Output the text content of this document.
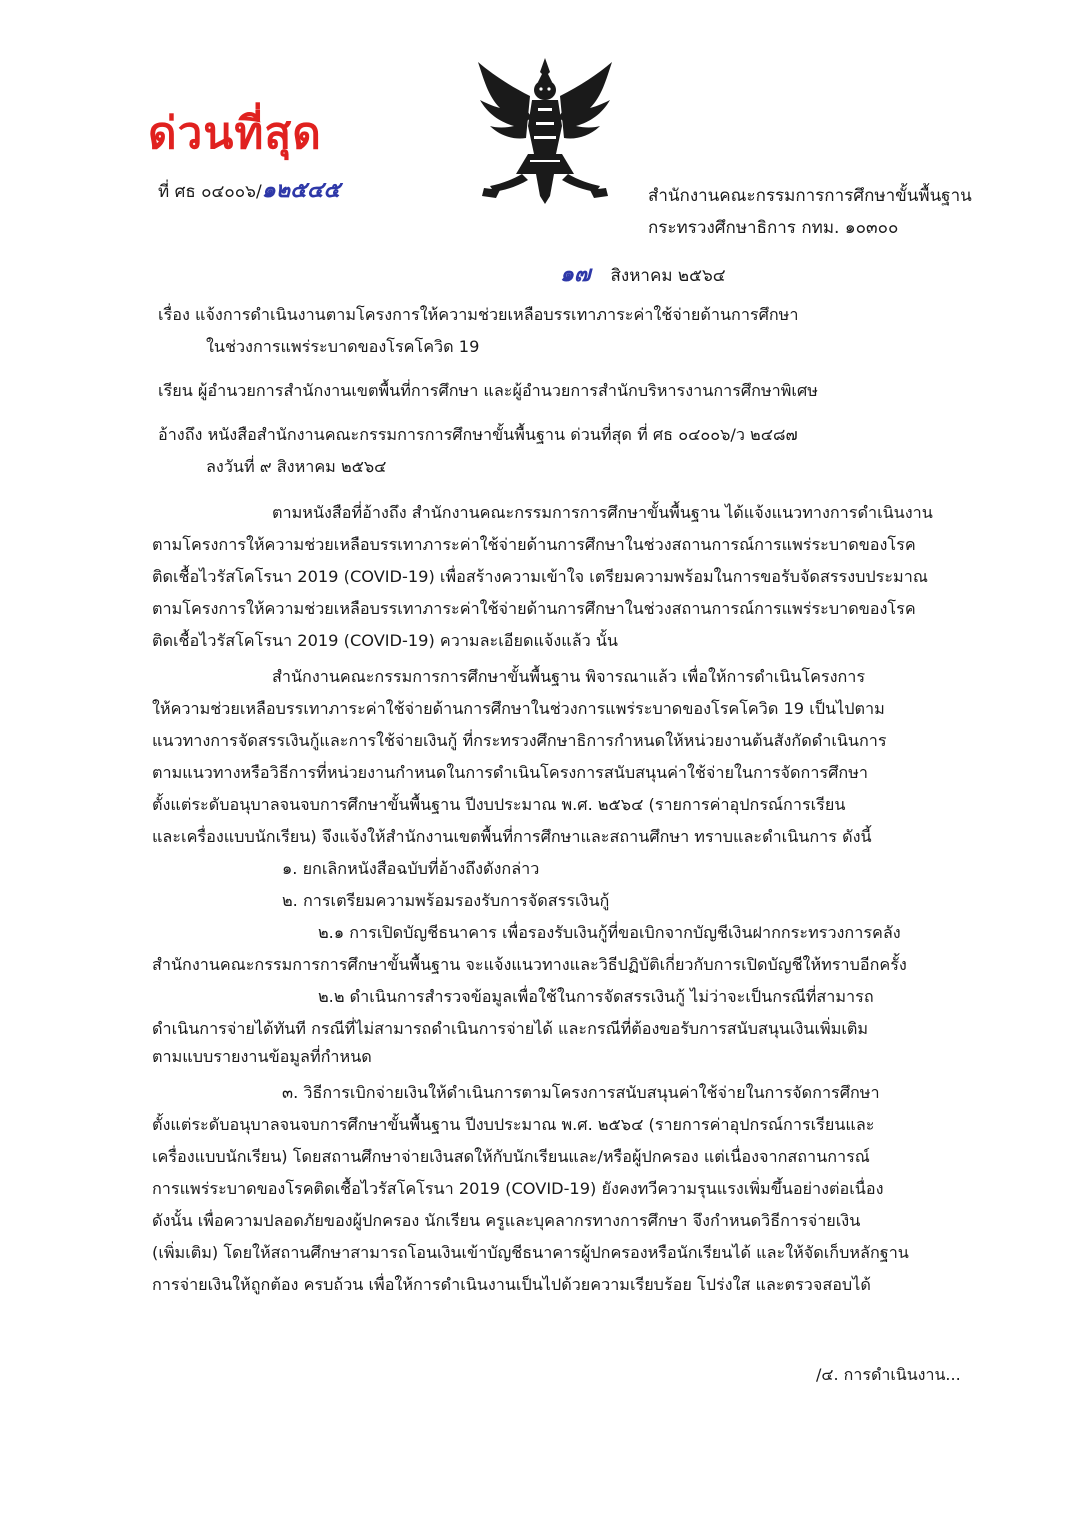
ด่วนที่สุด
ที่ ศธ ๐๔๐๐๖/๑๒๕๔๕	สำนักงานคณะกรรมการการศึกษาขั้นพื้นฐาน
กระทรวงศึกษาธิการ กทม. ๑๐๓๐๐
๑๗ สิงหาคม ๒๕๖๔
เรื่อง แจ้งการดำเนินงานตามโครงการให้ความช่วยเหลือบรรเทาภาระค่าใช้จ่ายด้านการศึกษา
ในช่วงการแพร่ระบาดของโรคโควิด 19
เรียน ผู้อำนวยการสำนักงานเขตพื้นที่การศึกษา และผู้อำนวยการสำนักบริหารงานการศึกษาพิเศษ
อ้างถึง หนังสือสำนักงานคณะกรรมการการศึกษาขั้นพื้นฐาน ด่วนที่สุด ที่ ศธ ๐๔๐๐๖/ว ๒๔๘๗
ลงวันที่ ๙ สิงหาคม ๒๕๖๔
ตามหนังสือที่อ้างถึง สำนักงานคณะกรรมการการศึกษาขั้นพื้นฐาน ได้แจ้งแนวทางการดำเนินงาน
ตามโครงการให้ความช่วยเหลือบรรเทาภาระค่าใช้จ่ายด้านการศึกษาในช่วงสถานการณ์การแพร่ระบาดของโรค
ติดเชื้อไวรัสโคโรนา 2019 (COVID-19) เพื่อสร้างความเข้าใจ เตรียมความพร้อมในการขอรับจัดสรรงบประมาณ
ตามโครงการให้ความช่วยเหลือบรรเทาภาระค่าใช้จ่ายด้านการศึกษาในช่วงสถานการณ์การแพร่ระบาดของโรค
ติดเชื้อไวรัสโคโรนา 2019 (COVID-19) ความละเอียดแจ้งแล้ว นั้น
สำนักงานคณะกรรมการการศึกษาขั้นพื้นฐาน พิจารณาแล้ว เพื่อให้การดำเนินโครงการ
ให้ความช่วยเหลือบรรเทาภาระค่าใช้จ่ายด้านการศึกษาในช่วงการแพร่ระบาดของโรคโควิด 19 เป็นไปตาม
แนวทางการจัดสรรเงินกู้และการใช้จ่ายเงินกู้ ที่กระทรวงศึกษาธิการกำหนดให้หน่วยงานต้นสังกัดดำเนินการ
ตามแนวทางหรือวิธีการที่หน่วยงานกำหนดในการดำเนินโครงการสนับสนุนค่าใช้จ่ายในการจัดการศึกษา
ตั้งแต่ระดับอนุบาลจนจบการศึกษาขั้นพื้นฐาน ปีงบประมาณ พ.ศ. ๒๕๖๔ (รายการค่าอุปกรณ์การเรียน
และเครื่องแบบนักเรียน) จึงแจ้งให้สำนักงานเขตพื้นที่การศึกษาและสถานศึกษา ทราบและดำเนินการ ดังนี้
๑. ยกเลิกหนังสือฉบับที่อ้างถึงดังกล่าว
๒. การเตรียมความพร้อมรองรับการจัดสรรเงินกู้
๒.๑ การเปิดบัญชีธนาคาร เพื่อรองรับเงินกู้ที่ขอเบิกจากบัญชีเงินฝากกระทรวงการคลัง
สำนักงานคณะกรรมการการศึกษาขั้นพื้นฐาน จะแจ้งแนวทางและวิธีปฏิบัติเกี่ยวกับการเปิดบัญชีให้ทราบอีกครั้ง
๒.๒ ดำเนินการสำรวจข้อมูลเพื่อใช้ในการจัดสรรเงินกู้ ไม่ว่าจะเป็นกรณีที่สามารถ
ดำเนินการจ่ายได้ทันที กรณีที่ไม่สามารถดำเนินการจ่ายได้ และกรณีที่ต้องขอรับการสนับสนุนเงินเพิ่มเติม
ตามแบบรายงานข้อมูลที่กำหนด
๓. วิธีการเบิกจ่ายเงินให้ดำเนินการตามโครงการสนับสนุนค่าใช้จ่ายในการจัดการศึกษา
ตั้งแต่ระดับอนุบาลจนจบการศึกษาขั้นพื้นฐาน ปีงบประมาณ พ.ศ. ๒๕๖๔ (รายการค่าอุปกรณ์การเรียนและ
เครื่องแบบนักเรียน) โดยสถานศึกษาจ่ายเงินสดให้กับนักเรียนและ/หรือผู้ปกครอง แต่เนื่องจากสถานการณ์
การแพร่ระบาดของโรคติดเชื้อไวรัสโคโรนา 2019 (COVID-19) ยังคงทวีความรุนแรงเพิ่มขึ้นอย่างต่อเนื่อง
ดังนั้น เพื่อความปลอดภัยของผู้ปกครอง นักเรียน ครูและบุคลากรทางการศึกษา จึงกำหนดวิธีการจ่ายเงิน
(เพิ่มเติม) โดยให้สถานศึกษาสามารถโอนเงินเข้าบัญชีธนาคารผู้ปกครองหรือนักเรียนได้ และให้จัดเก็บหลักฐาน
การจ่ายเงินให้ถูกต้อง ครบถ้วน เพื่อให้การดำเนินงานเป็นไปด้วยความเรียบร้อย โปร่งใส และตรวจสอบได้
/๔. การดำเนินงาน...
